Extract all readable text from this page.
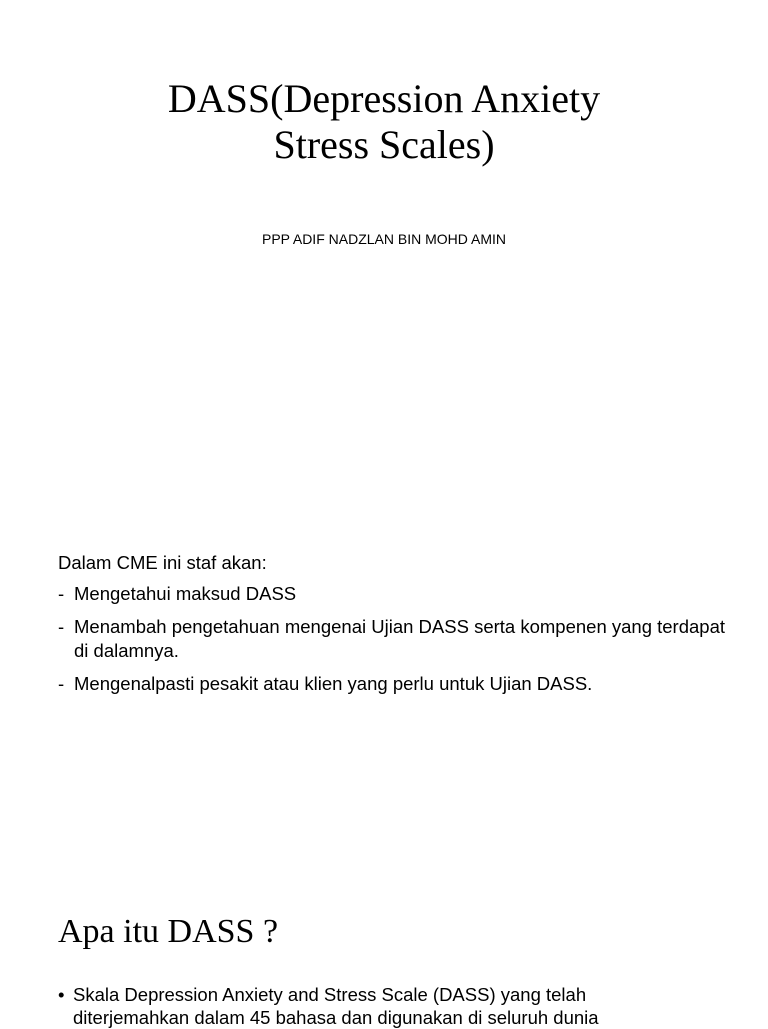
DASS(Depression Anxiety
Stress Scales)

PPP ADIF NADZLAN BIN MOHD AMIN

Dalam CME ini staf akan:

- Mengetahui maksud DASS
- Menambah pengetahuan mengenai Ujian DASS serta kompenen yang terdapat di dalamnya.
- Mengenalpasti pesakit atau klien yang perlu untuk Ujian DASS.
Apa itu DASS ?
• Skala Depression Anxiety and Stress Scale (DASS) yang telah diterjemahkan dalam 45 bahasa dan digunakan di seluruh dunia
